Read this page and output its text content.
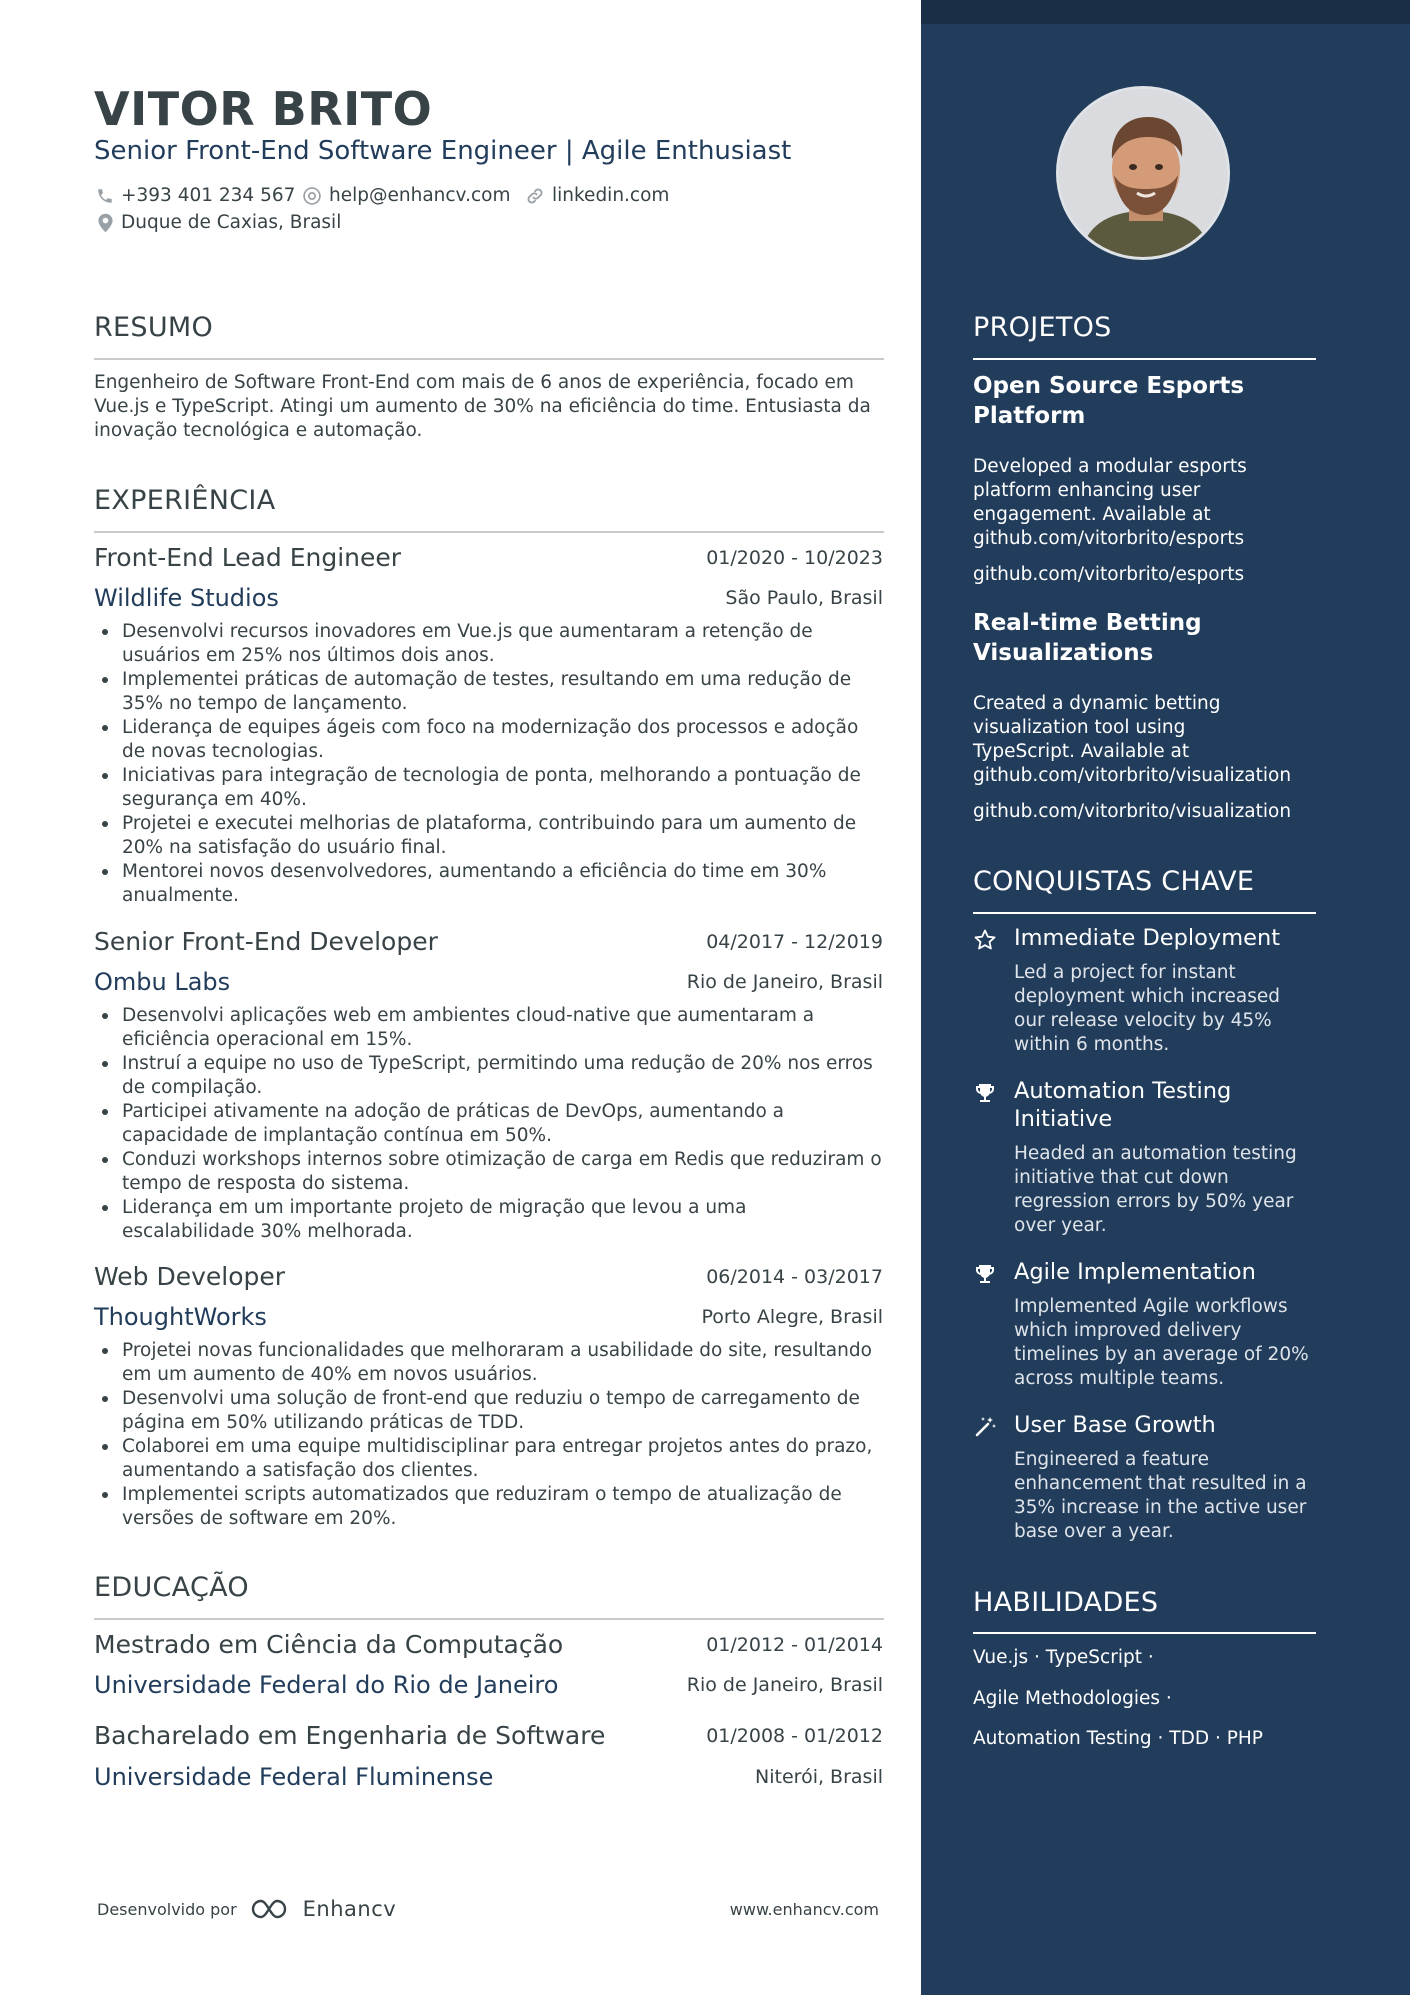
VITOR BRITO
Senior Front-End Software Engineer | Agile Enthusiast
+393 401 234 567 help@enhancv.com linkedin.com
Duque de Caxias, Brasil
RESUMO
Engenheiro de Software Front-End com mais de 6 anos de experiência, focado em Vue.js e TypeScript. Atingi um aumento de 30% na eficiência do time. Entusiasta da inovação tecnológica e automação.
EXPERIÊNCIA
Front-End Lead Engineer	01/2020 - 10/2023
Wildlife Studios	São Paulo, Brasil
Desenvolvi recursos inovadores em Vue.js que aumentaram a retenção de usuários em 25% nos últimos dois anos.
Implementei práticas de automação de testes, resultando em uma redução de 35% no tempo de lançamento.
Liderança de equipes ágeis com foco na modernização dos processos e adoção de novas tecnologias.
Iniciativas para integração de tecnologia de ponta, melhorando a pontuação de segurança em 40%.
Projetei e executei melhorias de plataforma, contribuindo para um aumento de 20% na satisfação do usuário final.
Mentorei novos desenvolvedores, aumentando a eficiência do time em 30% anualmente.
Senior Front-End Developer	04/2017 - 12/2019
Ombu Labs	Rio de Janeiro, Brasil
Desenvolvi aplicações web em ambientes cloud-native que aumentaram a eficiência operacional em 15%.
Instruí a equipe no uso de TypeScript, permitindo uma redução de 20% nos erros de compilação.
Participei ativamente na adoção de práticas de DevOps, aumentando a capacidade de implantação contínua em 50%.
Conduzi workshops internos sobre otimização de carga em Redis que reduziram o tempo de resposta do sistema.
Liderança em um importante projeto de migração que levou a uma escalabilidade 30% melhorada.
Web Developer	06/2014 - 03/2017
ThoughtWorks	Porto Alegre, Brasil
Projetei novas funcionalidades que melhoraram a usabilidade do site, resultando em um aumento de 40% em novos usuários.
Desenvolvi uma solução de front-end que reduziu o tempo de carregamento de página em 50% utilizando práticas de TDD.
Colaborei em uma equipe multidisciplinar para entregar projetos antes do prazo, aumentando a satisfação dos clientes.
Implementei scripts automatizados que reduziram o tempo de atualização de versões de software em 20%.
EDUCAÇÃO
Mestrado em Ciência da Computação	01/2012 - 01/2014
Universidade Federal do Rio de Janeiro	Rio de Janeiro, Brasil
Bacharelado em Engenharia de Software	01/2008 - 01/2012
Universidade Federal Fluminense	Niterói, Brasil
Desenvolvido por	Enhancv	www.enhancv.com
PROJETOS
Open Source Esports Platform
Developed a modular esports platform enhancing user engagement. Available at github.com/vitorbrito/esports
github.com/vitorbrito/esports
Real-time Betting Visualizations
Created a dynamic betting visualization tool using TypeScript. Available at github.com/vitorbrito/visualization
github.com/vitorbrito/visualization
CONQUISTAS CHAVE
Immediate Deployment
Led a project for instant deployment which increased our release velocity by 45% within 6 months.
Automation Testing Initiative
Headed an automation testing initiative that cut down regression errors by 50% year over year.
Agile Implementation
Implemented Agile workflows which improved delivery timelines by an average of 20% across multiple teams.
User Base Growth
Engineered a feature enhancement that resulted in a 35% increase in the active user base over a year.
HABILIDADES
Vue.js · TypeScript ·
Agile Methodologies ·
Automation Testing · TDD · PHP
